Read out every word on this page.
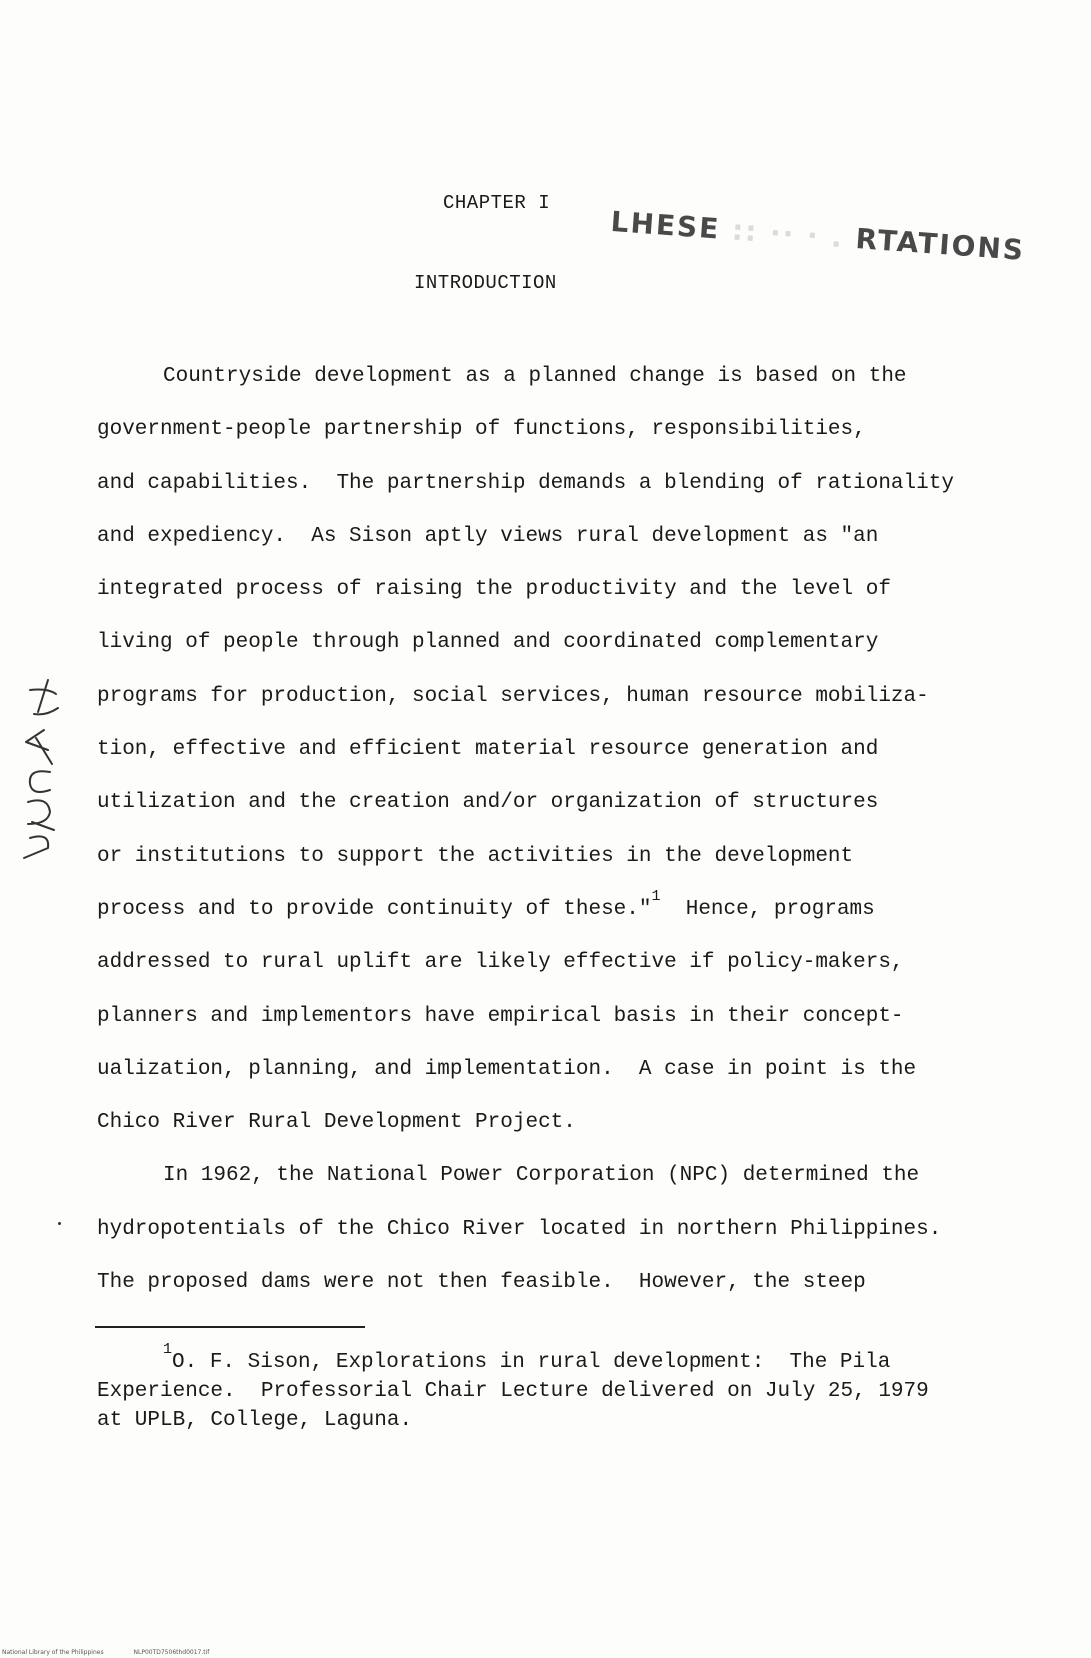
CHAPTER I
LHESE :: ·· · . RTATIONS
INTRODUCTION
Countryside development as a planned change is based on the
government-people partnership of functions, responsibilities,
and capabilities.  The partnership demands a blending of rationality
and expediency.  As Sison aptly views rural development as "an
integrated process of raising the productivity and the level of
living of people through planned and coordinated complementary
programs for production, social services, human resource mobiliza-
tion, effective and efficient material resource generation and
utilization and the creation and/or organization of structures
or institutions to support the activities in the development
process and to provide continuity of these."$^1$  Hence, programs
addressed to rural uplift are likely effective if policy-makers,
planners and implementors have empirical basis in their concept-
ualization, planning, and implementation.  A case in point is the
Chico River Rural Development Project.
In 1962, the National Power Corporation (NPC) determined the
hydropotentials of the Chico River located in northern Philippines.
The proposed dams were not then feasible.  However, the steep
$^1$O. F. Sison, Explorations in rural development:  The Pila
Experience.  Professorial Chair Lecture delivered on July 25, 1979
at UPLB, College, Laguna.
National Library of the Philippines	NLP00TD7506thd0017.tif
